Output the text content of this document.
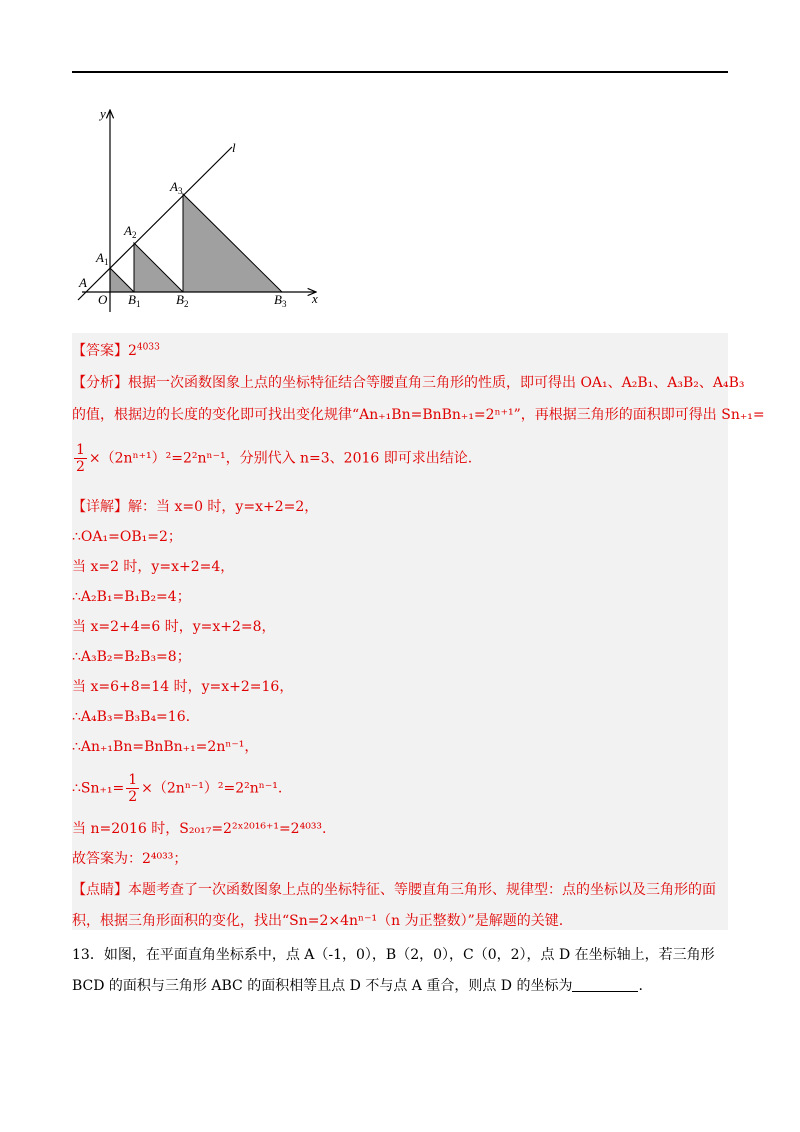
y
x
l
O
A
$A_1$
$A_2$
$A_3$
$B_1$	$B_2$	$B_3$
【答案】$2^{4033}$
【分析】根据一次函数图象上点的坐标特征结合等腰直角三角形的性质，即可得出 OA₁、A₂B₁、A₃B₂、A₄B₃
的值，根据边的长度的变化即可找出变化规律“An₊₁Bn=BnBn₊₁=2ⁿ⁺¹”，再根据三角形的面积即可得出 Sn₊₁=
$\frac{1}{2} \times(2n^{n+1})^2=2^2n^{n-1}$，分别代入 n=3、2016 即可求出结论.
【详解】解：当 x=0 时，y=x+2=2，
∴OA₁=OB₁=2；
当 x=2 时，y=x+2=4，
∴A₂B₁=B₁B₂=4；
当 x=2+4=6 时，y=x+2=8，
∴A₃B₂=B₂B₃=8；
当 x=6+8=14 时，y=x+2=16，
∴A₄B₃=B₃B₄=16.
∴An₊₁Bn=BnBn₊₁=2nⁿ⁻¹，
∴Sn₊₁= $\frac{1}{2} \times(2n^{n-1})^2=2^2n^{n-1}$.
当 n=2016 时，S₂₀₁₇=2²ˣ²⁰¹⁶⁺¹=2⁴⁰³³.
故答案为：2⁴⁰³³；
【点睛】本题考查了一次函数图象上点的坐标特征、等腰直角三角形、规律型：点的坐标以及三角形的面
积，根据三角形面积的变化，找出“Sn=2×4nⁿ⁻¹（n 为正整数）”是解题的关键.
13．如图，在平面直角坐标系中，点 A（-1，0），B（2，0），C（0，2），点 D 在坐标轴上，若三角形
BCD 的面积与三角形 ABC 的面积相等且点 D 不与点 A 重合，则点 D 的坐标为	.
